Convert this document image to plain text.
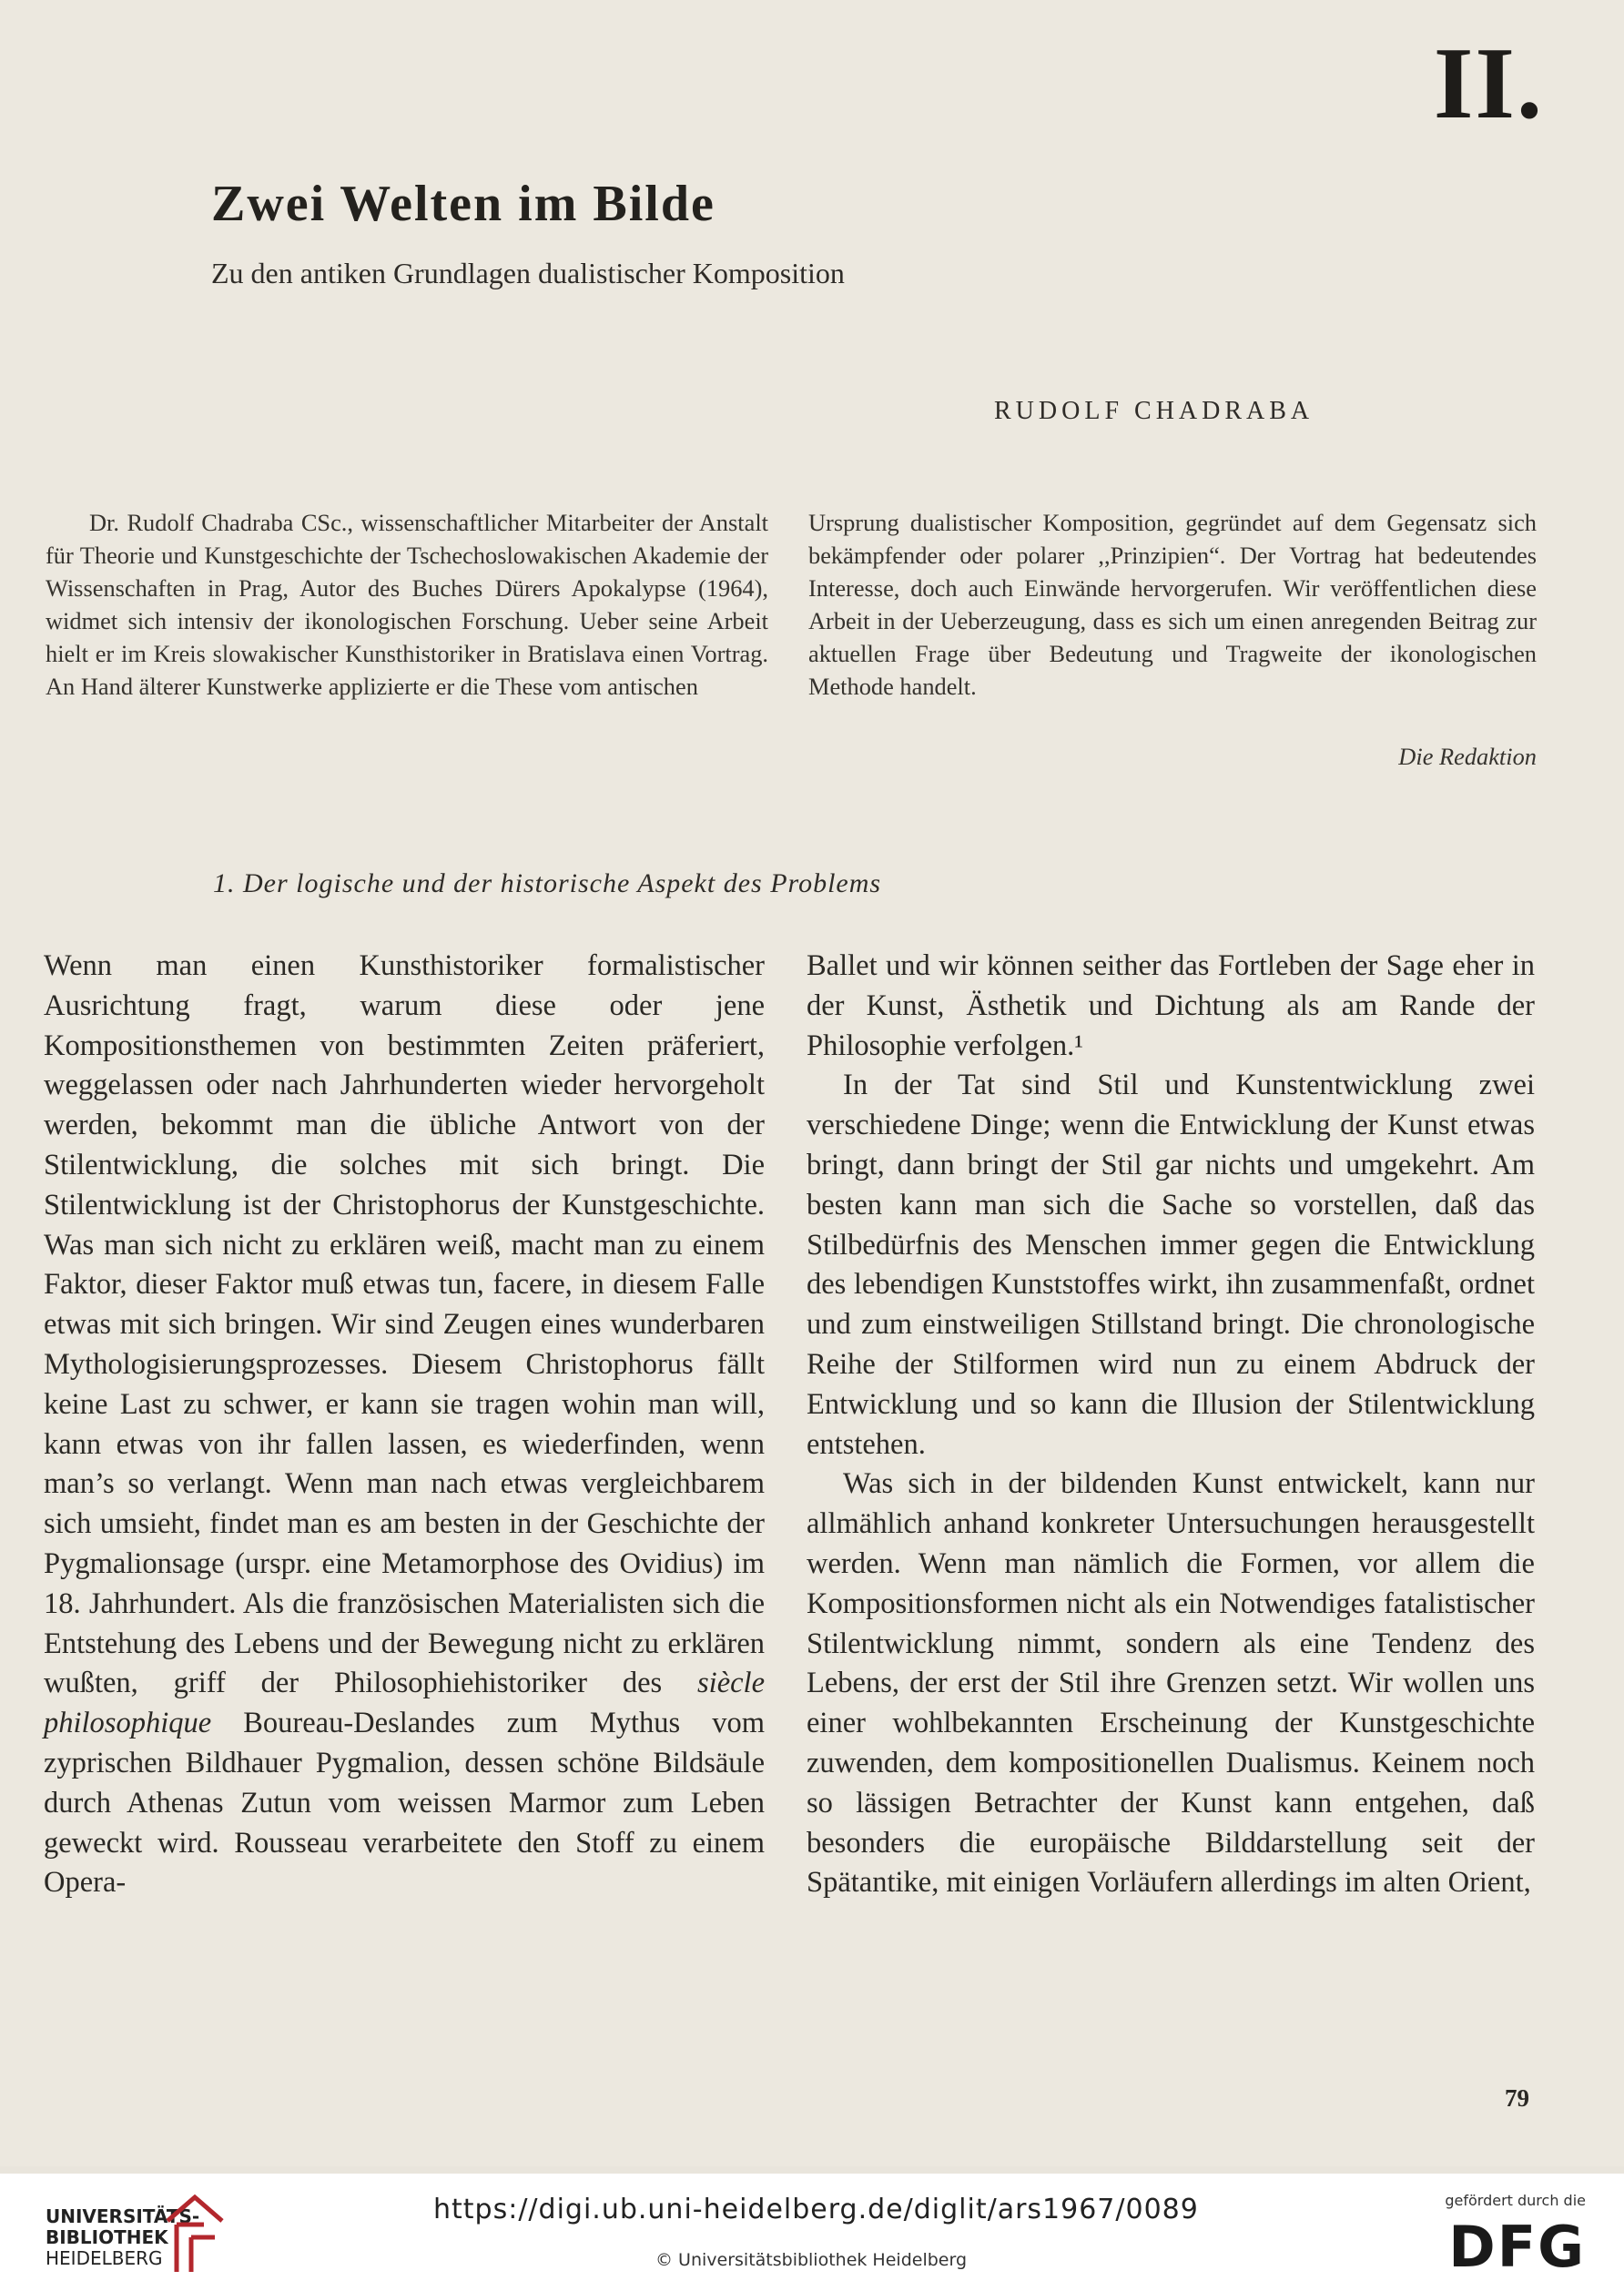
II.
Zwei Welten im Bilde
Zu den antiken Grundlagen dualistischer Komposition
RUDOLF CHADRABA
Dr. Rudolf Chadraba CSc., wissenschaftlicher Mitarbeiter der Anstalt für Theorie und Kunstgeschichte der Tschechoslowakischen Akademie der Wissenschaften in Prag, Autor des Buches Dürers Apokalypse (1964), widmet sich intensiv der ikonologischen Forschung. Ueber seine Arbeit hielt er im Kreis slowakischer Kunsthistoriker in Bratislava einen Vortrag. An Hand älterer Kunstwerke applizierte er die These vom antischen
Ursprung dualistischer Komposition, gegründet auf dem Gegensatz sich bekämpfender oder polarer ,,Prinzipien“. Der Vortrag hat bedeutendes Interesse, doch auch Einwände hervorgerufen. Wir veröffentlichen diese Arbeit in der Ueberzeugung, dass es sich um einen anregenden Beitrag zur aktuellen Frage über Bedeutung und Tragweite der ikonologischen Methode handelt.
Die Redaktion
1. Der logische und der historische Aspekt des Problems

Wenn man einen Kunsthistoriker formalistischer Ausrichtung fragt, warum diese oder jene Kompositionsthemen von bestimmten Zeiten präferiert, weggelassen oder nach Jahrhunderten wieder hervorgeholt werden, bekommt man die übliche Antwort von der Stilentwicklung, die solches mit sich bringt. Die Stilentwicklung ist der Christophorus der Kunstgeschichte. Was man sich nicht zu erklären weiß, macht man zu einem Faktor, dieser Faktor muß etwas tun, facere, in diesem Falle etwas mit sich bringen. Wir sind Zeugen eines wunderbaren Mythologisierungsprozesses. Diesem Christophorus fällt keine Last zu schwer, er kann sie tragen wohin man will, kann etwas von ihr fallen lassen, es wiederfinden, wenn man’s so verlangt. Wenn man nach etwas vergleichbarem sich umsieht, findet man es am besten in der Geschichte der Pygmalionsage (urspr. eine Metamorphose des Ovidius) im 18. Jahrhundert. Als die französischen Materialisten sich die Entstehung des Lebens und der Bewegung nicht zu erklären wußten, griff der Philosophiehistoriker des siècle philosophique Boureau-Deslandes zum Mythus vom zyprischen Bildhauer Pygmalion, dessen schöne Bildsäule durch Athenas Zutun vom weissen Marmor zum Leben geweckt wird. Rousseau verarbeitete den Stoff zu einem Opera-

Ballet und wir können seither das Fortleben der Sage eher in der Kunst, Ästhetik und Dichtung als am Rande der Philosophie verfolgen.¹

In der Tat sind Stil und Kunstentwicklung zwei verschiedene Dinge; wenn die Entwicklung der Kunst etwas bringt, dann bringt der Stil gar nichts und umgekehrt. Am besten kann man sich die Sache so vorstellen, daß das Stilbedürfnis des Menschen immer gegen die Entwicklung des lebendigen Kunststoffes wirkt, ihn zusammenfaßt, ordnet und zum einstweiligen Stillstand bringt. Die chronologische Reihe der Stilformen wird nun zu einem Abdruck der Entwicklung und so kann die Illusion der Stilentwicklung entstehen.

Was sich in der bildenden Kunst entwickelt, kann nur allmählich anhand konkreter Untersuchungen herausgestellt werden. Wenn man nämlich die Formen, vor allem die Kompositionsformen nicht als ein Notwendiges fatalistischer Stilentwicklung nimmt, sondern als eine Tendenz des Lebens, der erst der Stil ihre Grenzen setzt. Wir wollen uns einer wohlbekannten Erscheinung der Kunstgeschichte zuwenden, dem kompositionellen Dualismus. Keinem noch so lässigen Betrachter der Kunst kann entgehen, daß besonders die europäische Bilddarstellung seit der Spätantike, mit einigen Vorläufern allerdings im alten Orient,

79
UNIVERSITÄTS-
BIBLIOTHEK
HEIDELBERG
https://digi.ub.uni-heidelberg.de/diglit/ars1967/0089
© Universitätsbibliothek Heidelberg
gefördert durch die
DFG
